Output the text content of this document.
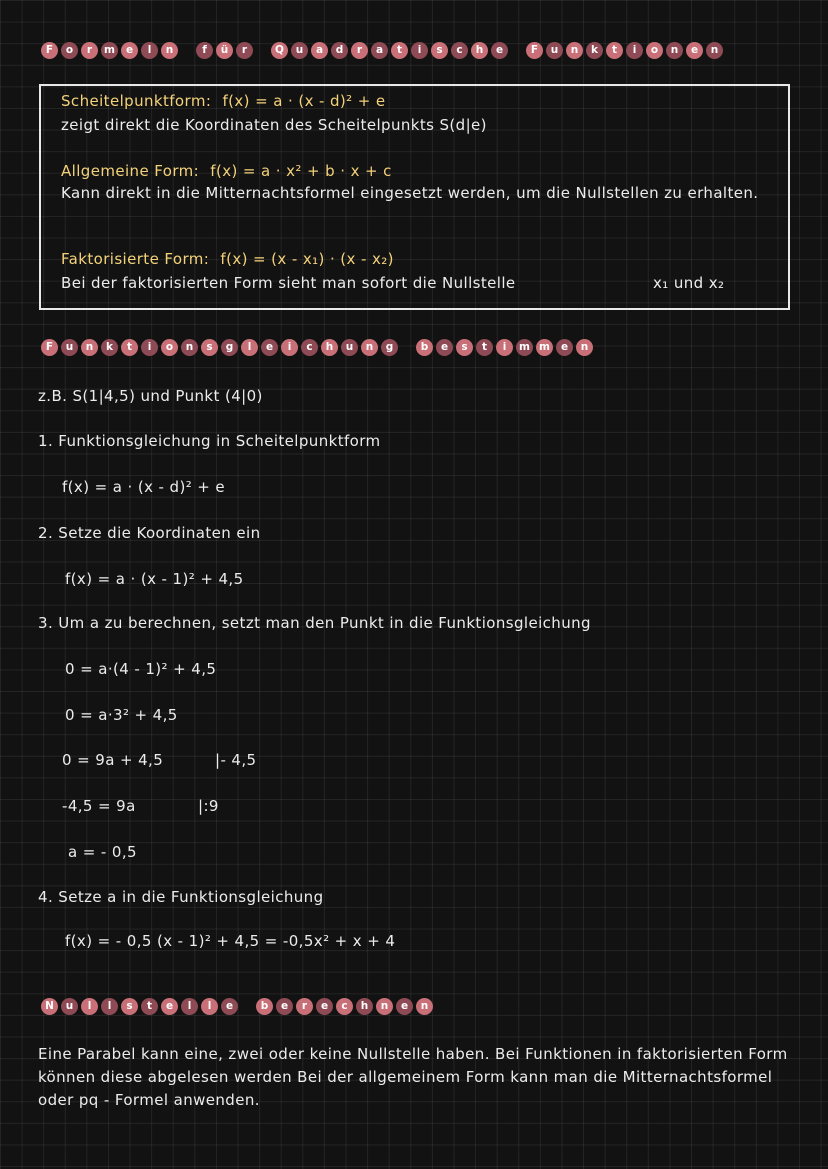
F	o	r	m	e	l	n	f	ü	r	Q	u	a	d	r	a	t	i	s	c	h	e	F	u	n	k	t	i	o	n	e	n
Scheitelpunktform: f(x) = a · (x - d)² + e
zeigt direkt die Koordinaten des Scheitelpunkts S(d|e)
Allgemeine Form: f(x) = a · x² + b · x + c
Kann direkt in die Mitternachtsformel eingesetzt werden, um die Nullstellen zu erhalten.
Faktorisierte Form: f(x) = (x - x₁) · (x - x₂)
Bei der faktorisierten Form sieht man sofort die Nullstelle	x₁ und x₂
F	u	n	k	t	i	o	n	s	g	l	e	i	c	h	u	n	g	b	e	s	t	i	m m	e	n
z.B. S(1|4,5) und Punkt (4|0)
1. Funktionsgleichung in Scheitelpunktform
f(x) = a · (x - d)² + e
2. Setze die Koordinaten ein
f(x) = a · (x - 1)² + 4,5
3. Um a zu berechnen, setzt man den Punkt in die Funktionsgleichung
0 = a·(4 - 1)² + 4,5
0 = a·3² + 4,5
0 = 9a + 4,5	|- 4,5
-4,5 = 9a	|:9
a = - 0,5
4. Setze a in die Funktionsgleichung
f(x) = - 0,5 (x - 1)² + 4,5 = -0,5x² + x + 4
N	u	l	l	s	t	e	l	l	e	b	e	r	e	c	h	n	e	n
Eine Parabel kann eine, zwei oder keine Nullstelle haben. Bei Funktionen in faktorisierten Form können diese abgelesen werden Bei der allgemeinem Form kann man die Mitternachtsformel oder pq - Formel anwenden.
